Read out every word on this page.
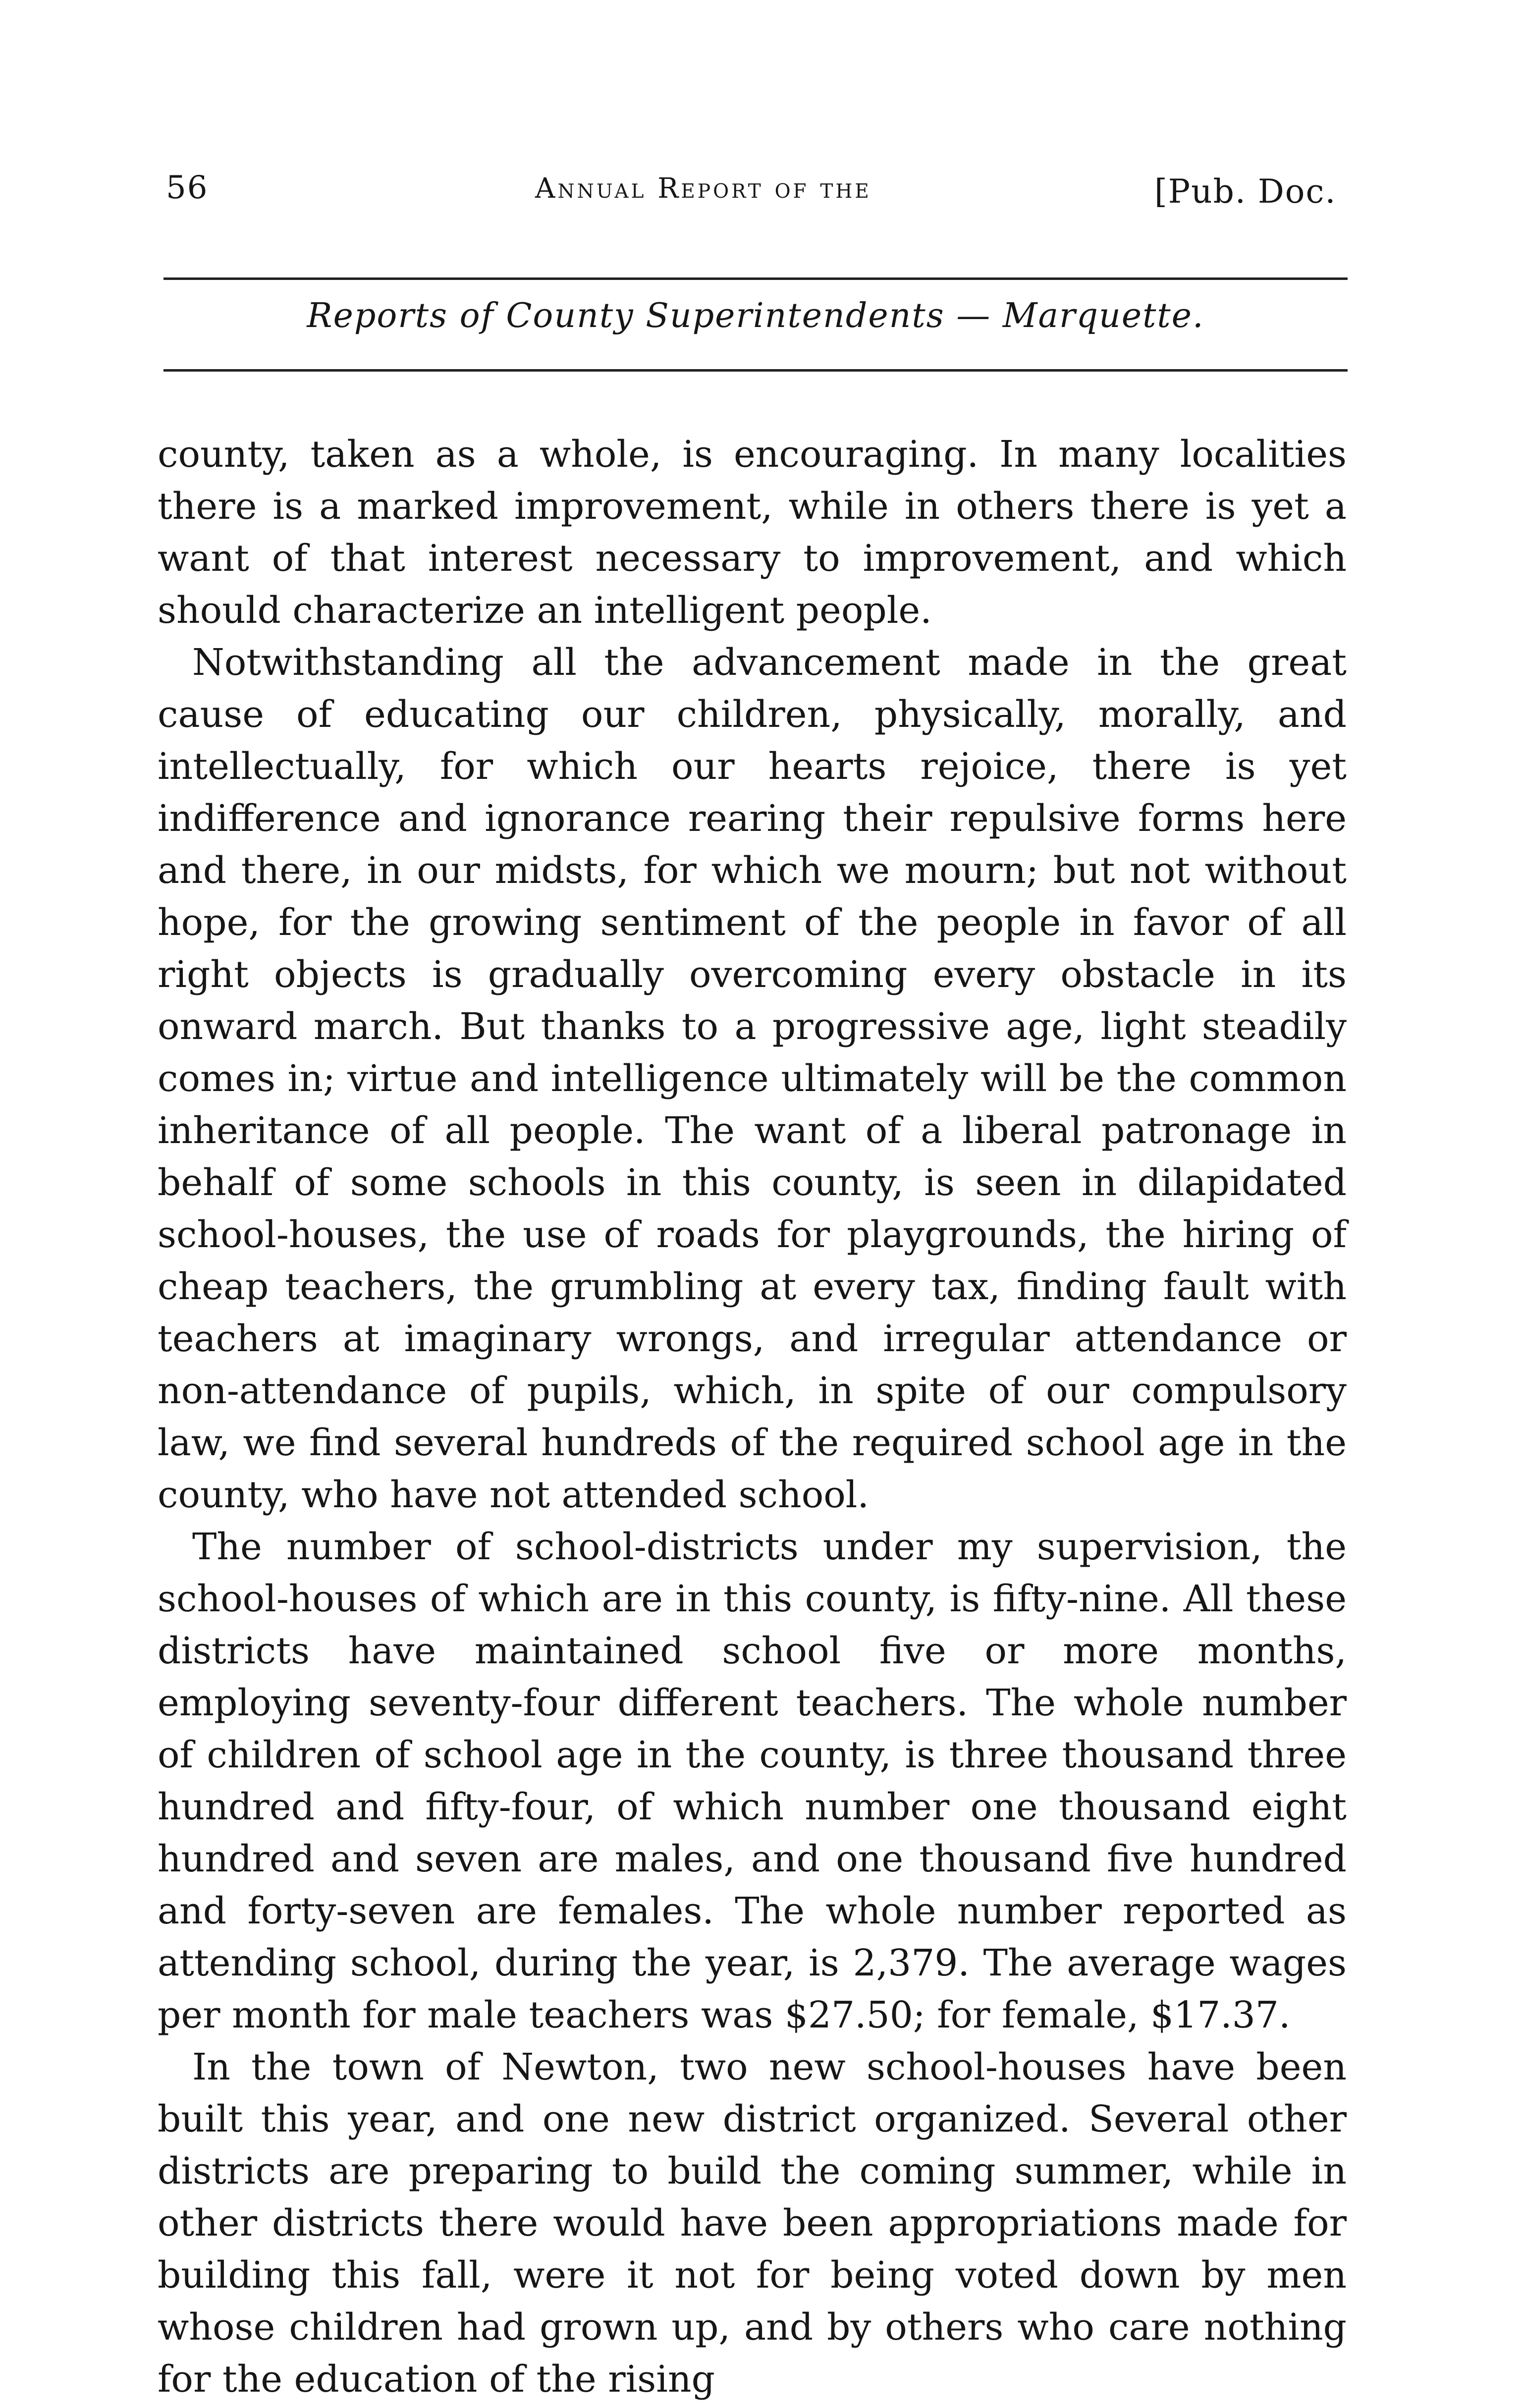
56	Annual Report of the	[Pub. Doc.
Reports of County Superintendents — Marquette.

county, taken as a whole, is encouraging. In many localities there is a marked improvement, while in others there is yet a want of that interest necessary to improvement, and which should characterize an intelligent people.

Notwithstanding all the advancement made in the great cause of educating our children, physically, morally, and intellectually, for which our hearts rejoice, there is yet indifference and ignorance rearing their repulsive forms here and there, in our midsts, for which we mourn; but not without hope, for the growing sentiment of the people in favor of all right objects is gradually overcoming every obstacle in its onward march. But thanks to a progressive age, light steadily comes in; virtue and intelligence ultimately will be the common inheritance of all people. The want of a liberal patronage in behalf of some schools in this county, is seen in dilapidated school-houses, the use of roads for playgrounds, the hiring of cheap teachers, the grumbling at every tax, finding fault with teachers at imaginary wrongs, and irregular attendance or non-attendance of pupils, which, in spite of our compulsory law, we find several hundreds of the required school age in the county, who have not attended school.

The number of school-districts under my supervision, the school-houses of which are in this county, is fifty-nine. All these districts have maintained school five or more months, employing seventy-four different teachers. The whole number of children of school age in the county, is three thousand three hundred and fifty-four, of which number one thousand eight hundred and seven are males, and one thousand five hundred and forty-seven are females. The whole number reported as attending school, during the year, is 2,379. The average wages per month for male teachers was $27.50; for female, $17.37.

In the town of Newton, two new school-houses have been built this year, and one new district organized. Several other districts are preparing to build the coming summer, while in other districts there would have been appropriations made for building this fall, were it not for being voted down by men whose children had grown up, and by others who care nothing for the education of the rising
